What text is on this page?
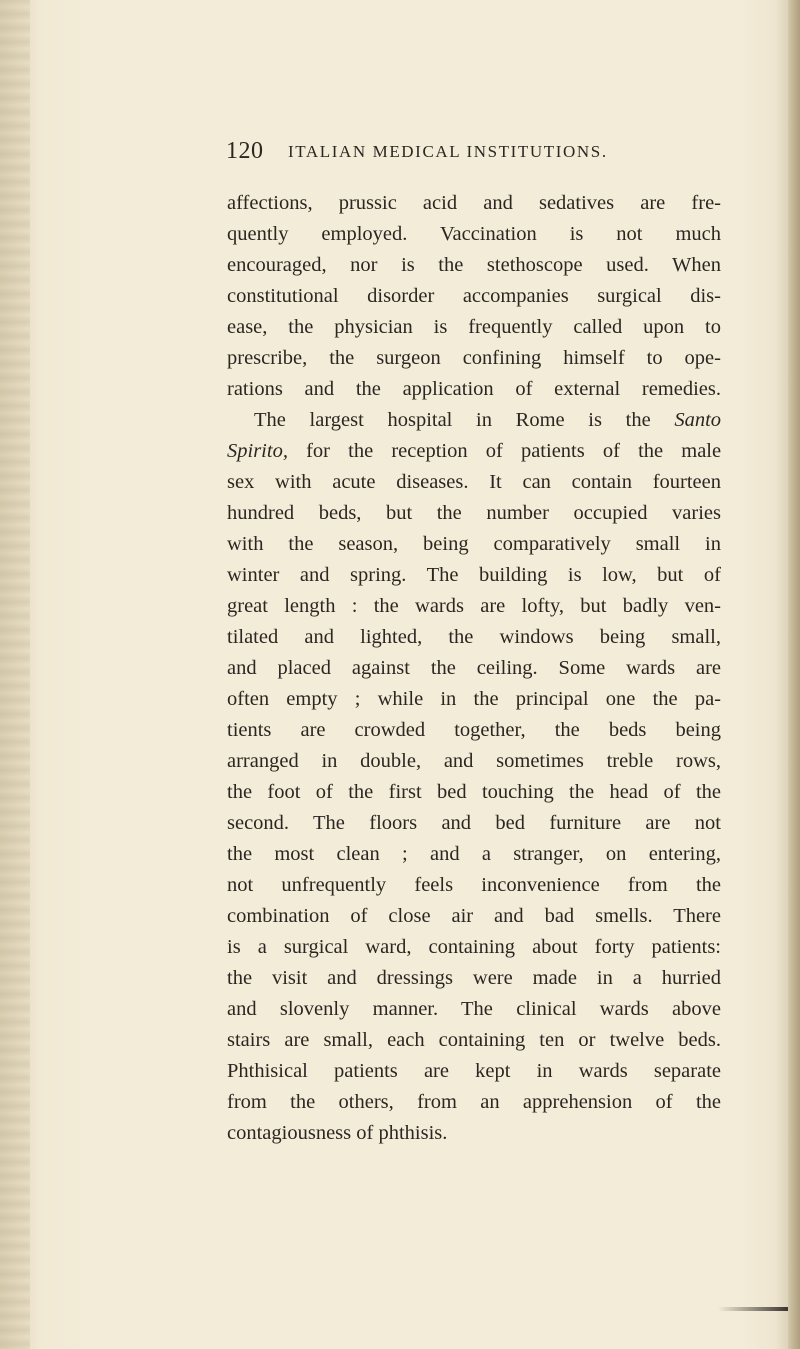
120 ITALIAN MEDICAL INSTITUTIONS.
affections, prussic acid and sedatives are fre-
quently employed. Vaccination is not much
encouraged, nor is the stethoscope used. When
constitutional disorder accompanies surgical dis-
ease, the physician is frequently called upon to
prescribe, the surgeon confining himself to ope-
rations and the application of external remedies.
The largest hospital in Rome is the Santo
Spirito, for the reception of patients of the male
sex with acute diseases. It can contain fourteen
hundred beds, but the number occupied varies
with the season, being comparatively small in
winter and spring. The building is low, but of
great length : the wards are lofty, but badly ven-
tilated and lighted, the windows being small,
and placed against the ceiling. Some wards are
often empty ; while in the principal one the pa-
tients are crowded together, the beds being
arranged in double, and sometimes treble rows,
the foot of the first bed touching the head of the
second. The floors and bed furniture are not
the most clean ; and a stranger, on entering,
not unfrequently feels inconvenience from the
combination of close air and bad smells. There
is a surgical ward, containing about forty patients:
the visit and dressings were made in a hurried
and slovenly manner. The clinical wards above
stairs are small, each containing ten or twelve beds.
Phthisical patients are kept in wards separate
from the others, from an apprehension of the
contagiousness of phthisis.
